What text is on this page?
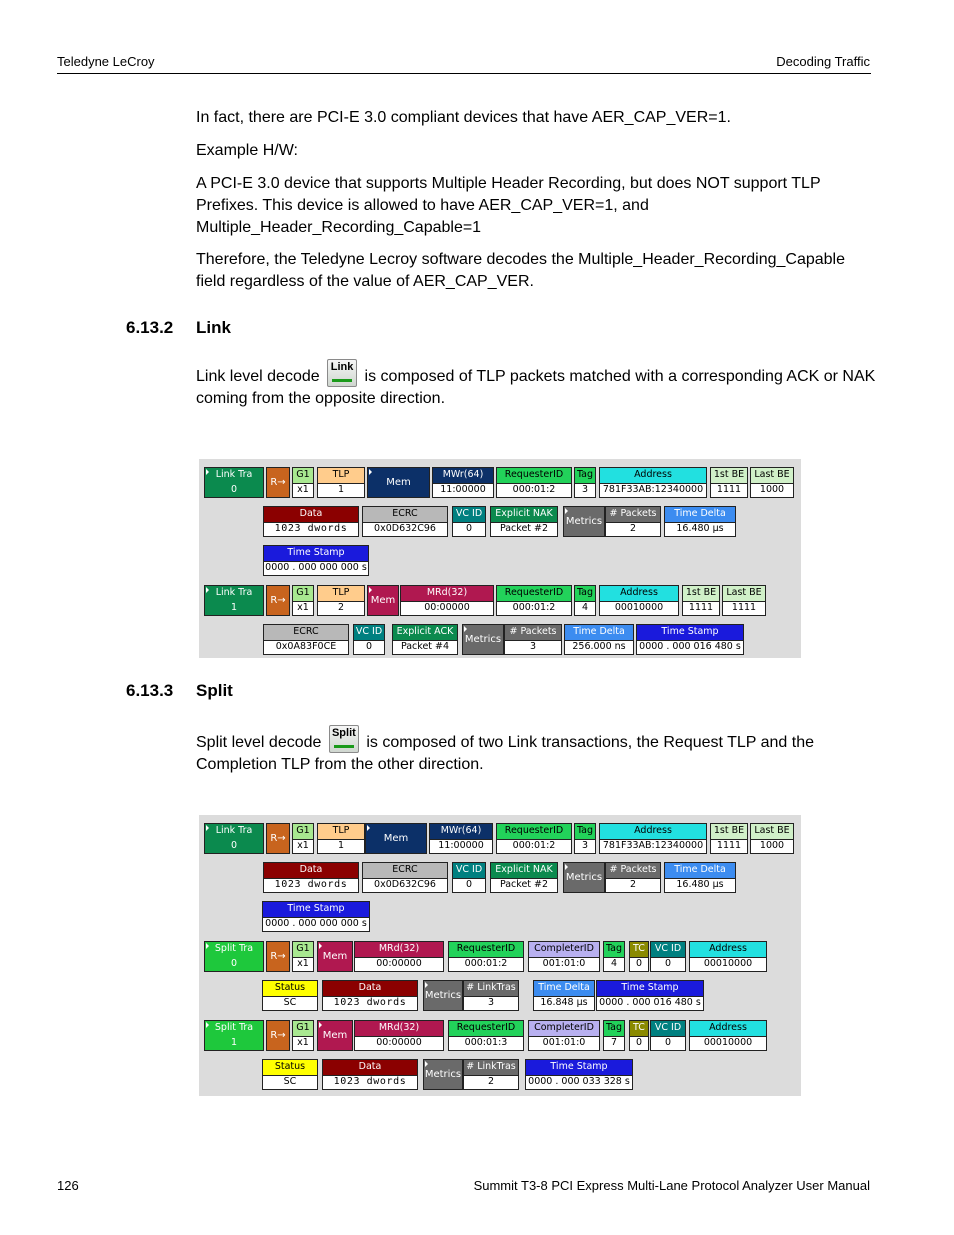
Teledyne LeCroy	Decoding Traffic
In fact, there are PCI-E 3.0 compliant devices that have AER_CAP_VER=1.
Example H/W:
A PCI-E 3.0 device that supports Multiple Header Recording, but does NOT support TLP Prefixes. This device is allowed to have AER_CAP_VER=1, and Multiple_Header_Recording_Capable=1
Therefore, the Teledyne Lecroy software decodes the Multiple_Header_Recording_Capable field regardless of the value of AER_CAP_VER.
6.13.2 Link
Link level decode Link
is composed of TLP packets matched with a corresponding ACK or NAK coming from the opposite direction.
Link Tra
0
R→
G1
x1
TLP
1
Mem
MWr(64)
11:00000
RequesterID
000:01:2
Tag
3
Address
781F33AB:12340000
1st BE
1111
Last BE
1000
Data
1023 dwords
ECRC
0x0D632C96
VC ID
0
Explicit NAK
Packet #2
Metrics
# Packets
2
Time Delta
16.480 μs
Time Stamp
0000 . 000 000 000 s
Link Tra
1
R→
G1
x1
TLP
2
Mem
MRd(32)
00:00000
RequesterID
000:01:2
Tag
4
Address
00010000
1st BE
1111
Last BE
1111
ECRC
0x0A83F0CE
VC ID
0
Explicit ACK
Packet #4
Metrics
# Packets
3
Time Delta
256.000 ns
Time Stamp
0000 . 000 016 480 s
6.13.3 Split
Split level decode Split
is composed of two Link transactions, the Request TLP and the Completion TLP from the other direction.
Link Tra
0
R→
G1
x1
TLP
1
Mem
MWr(64)
11:00000
RequesterID
000:01:2
Tag
3
Address
781F33AB:12340000
1st BE
1111
Last BE
1000
Data
1023 dwords
ECRC
0x0D632C96
VC ID
0
Explicit NAK
Packet #2
Metrics
# Packets
2
Time Delta
16.480 μs
Time Stamp
0000 . 000 000 000 s
Split Tra
0
R→
G1
x1
Mem
MRd(32)
00:00000
RequesterID
000:01:2
CompleterID
001:01:0
Tag
4
TC
0
VC ID
0
Address
00010000
Status
SC
Data
1023 dwords
Metrics
# LinkTras
3
Time Delta
16.848 μs
Time Stamp
0000 . 000 016 480 s
Split Tra
1
R→
G1
x1
Mem
MRd(32)
00:00000
RequesterID
000:01:3
CompleterID
001:01:0
Tag
7
TC
0
VC ID
0
Address
00010000
Status
SC
Data
1023 dwords
Metrics
# LinkTras
2
Time Stamp
0000 . 000 033 328 s
126	Summit T3-8 PCI Express Multi-Lane Protocol Analyzer User Manual
